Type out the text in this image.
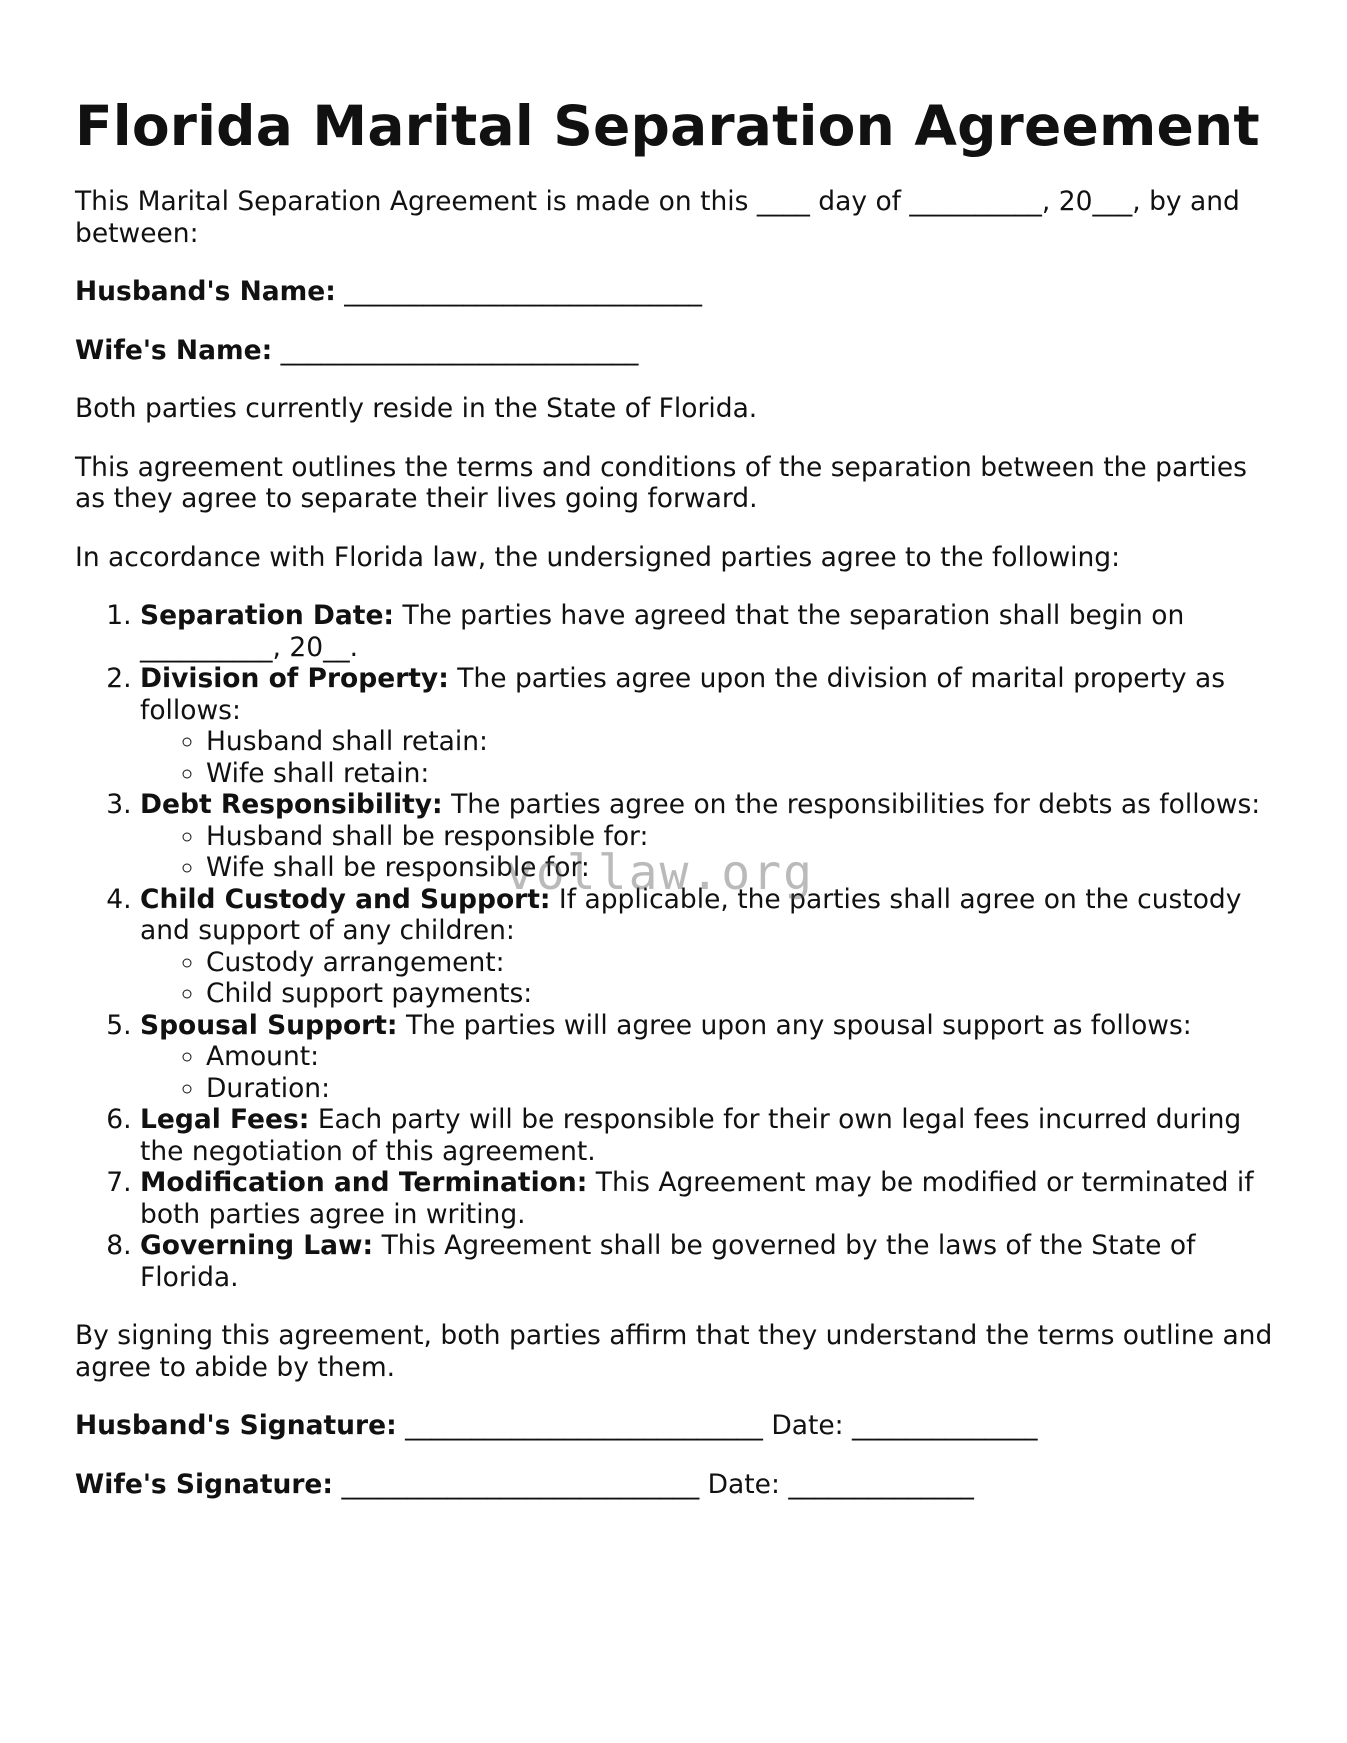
Florida Marital Separation Agreement

This Marital Separation Agreement is made on this ____ day of __________, 20___, by and between:

Husband's Name: ___________________________

Wife's Name: ___________________________

Both parties currently reside in the State of Florida.

This agreement outlines the terms and conditions of the separation between the parties as they agree to separate their lives going forward.

In accordance with Florida law, the undersigned parties agree to the following:

1. Separation Date: The parties have agreed that the separation shall begin on __________, 20__.
2. Division of Property: The parties agree upon the division of marital property as follows:
◦ Husband shall retain:
◦ Wife shall retain:
3. Debt Responsibility: The parties agree on the responsibilities for debts as follows:
◦ Husband shall be responsible for:
◦ Wife shall be responsible for:
4. Child Custody and Support: If applicable, the parties shall agree on the custody and support of any children:
◦ Custody arrangement:
◦ Child support payments:
5. Spousal Support: The parties will agree upon any spousal support as follows:
◦ Amount:
◦ Duration:
6. Legal Fees: Each party will be responsible for their own legal fees incurred during the negotiation of this agreement.
7. Modification and Termination: This Agreement may be modified or terminated if both parties agree in writing.
8. Governing Law: This Agreement shall be governed by the laws of the State of Florida.

By signing this agreement, both parties affirm that they understand the terms outline and agree to abide by them.

Husband's Signature: ___________________________ Date: ______________

Wife's Signature: ___________________________ Date: ______________

vollaw.org
